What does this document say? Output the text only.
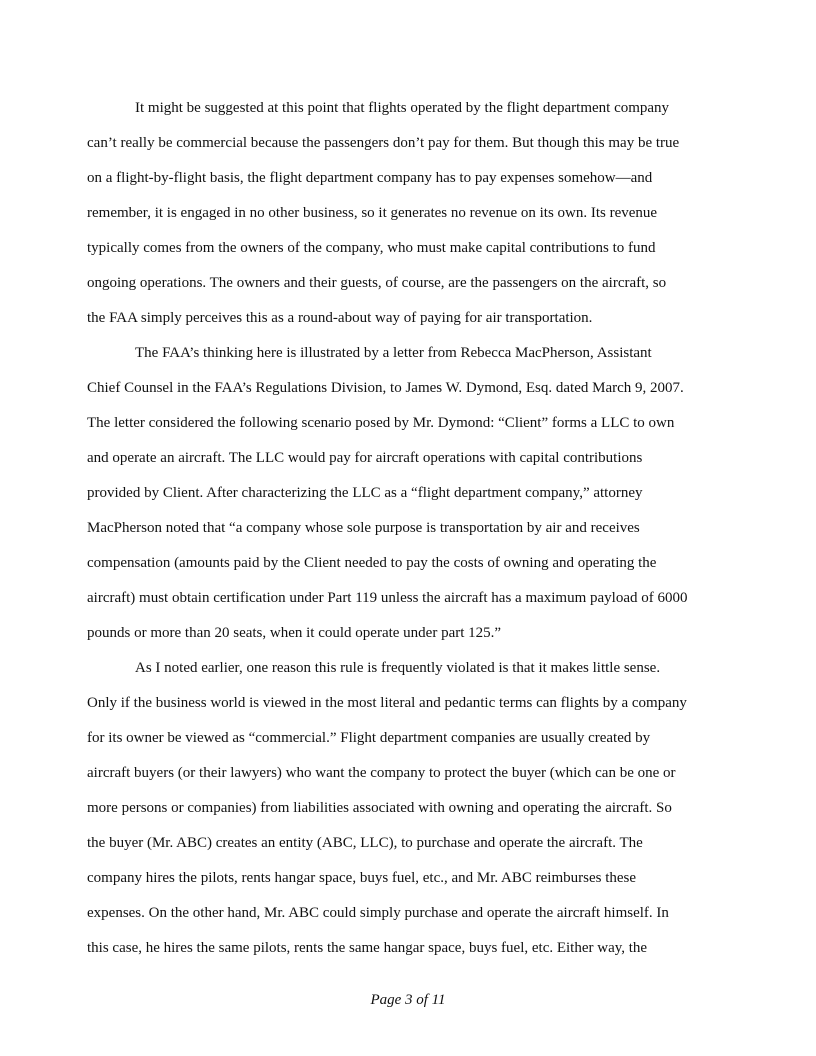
It might be suggested at this point that flights operated by the flight department company
can’t really be commercial because the passengers don’t pay for them. But though this may be true
on a flight-by-flight basis, the flight department company has to pay expenses somehow—and
remember, it is engaged in no other business, so it generates no revenue on its own. Its revenue
typically comes from the owners of the company, who must make capital contributions to fund
ongoing operations. The owners and their guests, of course, are the passengers on the aircraft, so
the FAA simply perceives this as a round-about way of paying for air transportation.

The FAA’s thinking here is illustrated by a letter from Rebecca MacPherson, Assistant
Chief Counsel in the FAA’s Regulations Division, to James W. Dymond, Esq. dated March 9, 2007.
The letter considered the following scenario posed by Mr. Dymond: “Client” forms a LLC to own
and operate an aircraft. The LLC would pay for aircraft operations with capital contributions
provided by Client. After characterizing the LLC as a “flight department company,” attorney
MacPherson noted that “a company whose sole purpose is transportation by air and receives
compensation (amounts paid by the Client needed to pay the costs of owning and operating the
aircraft) must obtain certification under Part 119 unless the aircraft has a maximum payload of 6000
pounds or more than 20 seats, when it could operate under part 125.”

As I noted earlier, one reason this rule is frequently violated is that it makes little sense.
Only if the business world is viewed in the most literal and pedantic terms can flights by a company
for its owner be viewed as “commercial.” Flight department companies are usually created by
aircraft buyers (or their lawyers) who want the company to protect the buyer (which can be one or
more persons or companies) from liabilities associated with owning and operating the aircraft. So
the buyer (Mr. ABC) creates an entity (ABC, LLC), to purchase and operate the aircraft. The
company hires the pilots, rents hangar space, buys fuel, etc., and Mr. ABC reimburses these
expenses. On the other hand, Mr. ABC could simply purchase and operate the aircraft himself. In
this case, he hires the same pilots, rents the same hangar space, buys fuel, etc. Either way, the

Page 3 of 11
